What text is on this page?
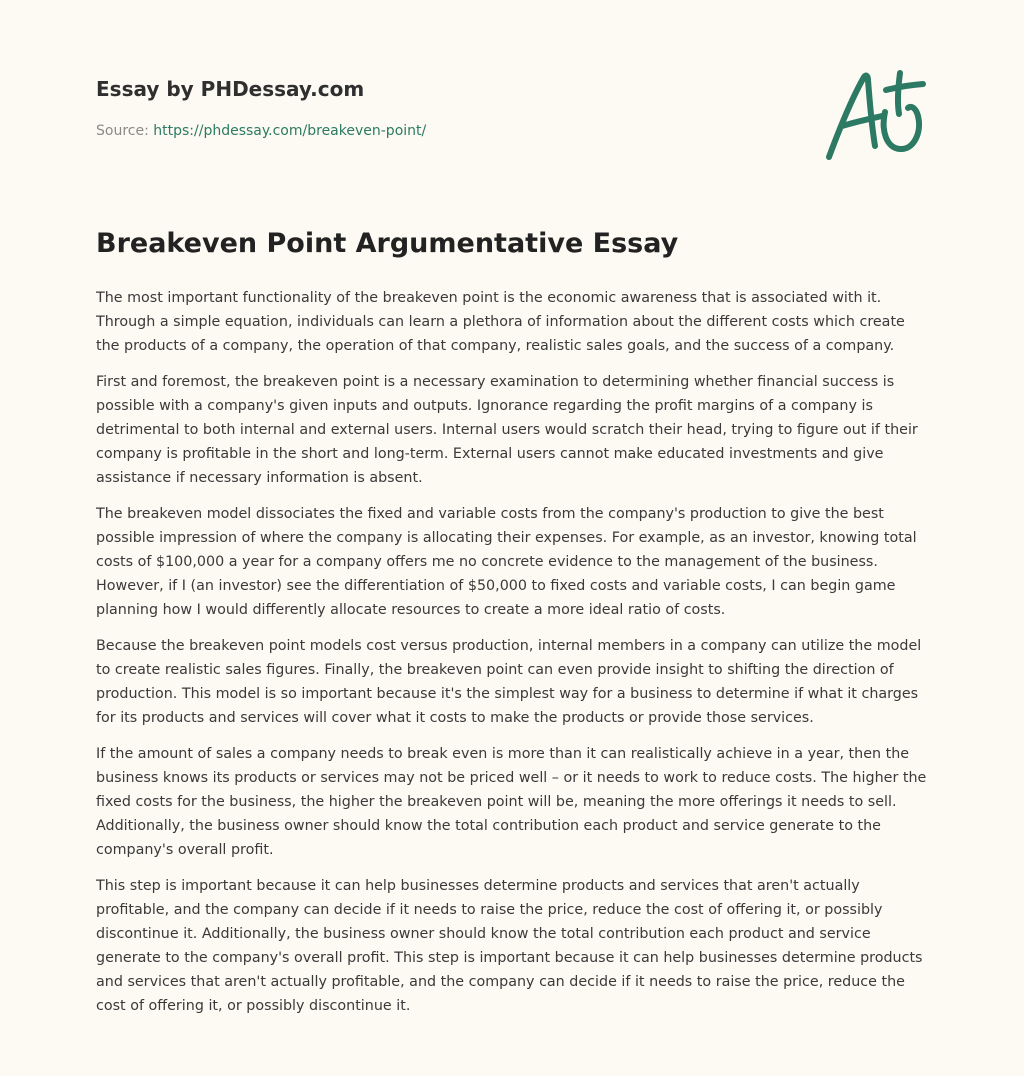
Essay by PHDessay.com
Source: https://phdessay.com/breakeven-point/
Breakeven Point Argumentative Essay

The most important functionality of the breakeven point is the economic awareness that is associated with it. Through a simple equation, individuals can learn a plethora of information about the different costs which create the products of a company, the operation of that company, realistic sales goals, and the success of a company.

First and foremost, the breakeven point is a necessary examination to determining whether financial success is possible with a company's given inputs and outputs. Ignorance regarding the profit margins of a company is detrimental to both internal and external users. Internal users would scratch their head, trying to figure out if their company is profitable in the short and long-term. External users cannot make educated investments and give assistance if necessary information is absent.

The breakeven model dissociates the fixed and variable costs from the company's production to give the best possible impression of where the company is allocating their expenses. For example, as an investor, knowing total costs of $100,000 a year for a company offers me no concrete evidence to the management of the business. However, if I (an investor) see the differentiation of $50,000 to fixed costs and variable costs, I can begin game planning how I would differently allocate resources to create a more ideal ratio of costs.

Because the breakeven point models cost versus production, internal members in a company can utilize the model to create realistic sales figures. Finally, the breakeven point can even provide insight to shifting the direction of production. This model is so important because it's the simplest way for a business to determine if what it charges for its products and services will cover what it costs to make the products or provide those services.

If the amount of sales a company needs to break even is more than it can realistically achieve in a year, then the business knows its products or services may not be priced well – or it needs to work to reduce costs. The higher the fixed costs for the business, the higher the breakeven point will be, meaning the more offerings it needs to sell. Additionally, the business owner should know the total contribution each product and service generate to the company's overall profit.

This step is important because it can help businesses determine products and services that aren't actually profitable, and the company can decide if it needs to raise the price, reduce the cost of offering it, or possibly discontinue it. Additionally, the business owner should know the total contribution each product and service generate to the company's overall profit. This step is important because it can help businesses determine products and services that aren't actually profitable, and the company can decide if it needs to raise the price, reduce the cost of offering it, or possibly discontinue it.
